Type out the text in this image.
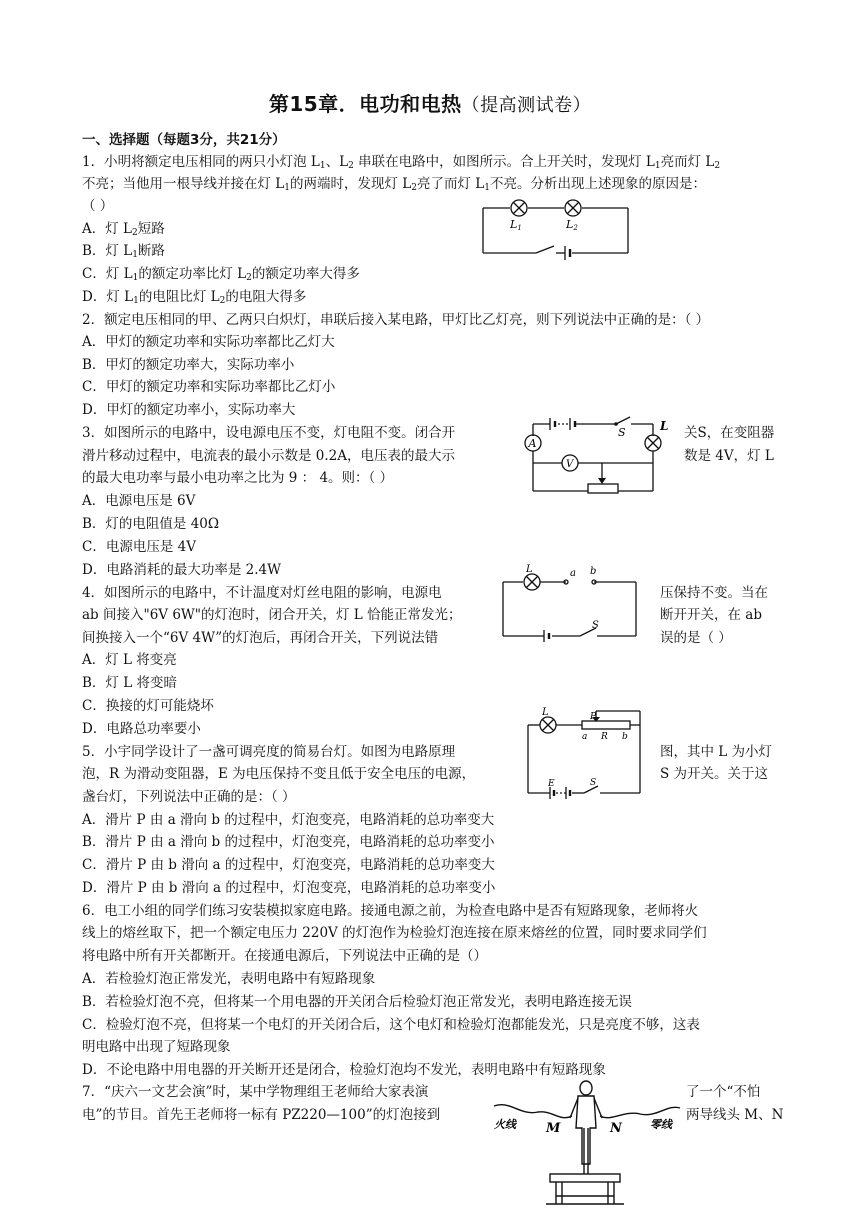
第15章．电功和电热（提高测试卷）
一、选择题（每题3分，共21分）
1．小明将额定电压相同的两只小灯泡 $L_1$、$L_2$ 串联在电路中，如图所示。合上开关时，发现灯 $L_1$亮而灯 $L_2$
不亮；当他用一根导线并接在灯 $L_1$的两端时，发现灯 $L_2$亮了而灯 $L_1$不亮。分析出现上述现象的原因是：
（ ）
A．灯 $L_2$短路
B．灯 $L_1$断路
C．灯 $L_1$的额定功率比灯 $L_2$的额定功率大得多
D．灯 $L_1$的电阻比灯 $L_2$的电阻大得多
L1	L2
2．额定电压相同的甲、乙两只白炽灯，串联后接入某电路，甲灯比乙灯亮，则下列说法中正确的是：（ ）
A．甲灯的额定功率和实际功率都比乙灯大
B．甲灯的额定功率大，实际功率小
C．甲灯的额定功率和实际功率都比乙灯小
D．甲灯的额定功率小，实际功率大
3．如图所示的电路中，设电源电压不变，灯电阻不变。闭合开	关S，在变阻器
滑片移动过程中，电流表的最小示数是 0.2A，电压表的最大示	数是 4V，灯 L
的最大电功率与最小电功率之比为 9 ： 4。则：（ ）
A．电源电压是 6V
B．灯的电阻值是 40Ω
C．电源电压是 4V
D．电路消耗的最大功率是 2.4W
A
V
S	L
4．如图所示的电路中，不计温度对灯丝电阻的影响，电源电	压保持不变。当在
ab 间接入"6V 6W"的灯泡时，闭合开关，灯 L 恰能正常发光；	断开开关，在 ab
间换接入一个“6V 4W”的灯泡后，再闭合开关，下列说法错	误的是（ ）
A．灯 L 将变亮
B．灯 L 将变暗
C．换接的灯可能烧坏
D．电路总功率要小
L	a b
S
5．小宇同学设计了一盏可调亮度的简易台灯。如图为电路原理	图，其中 L 为小灯
泡，R 为滑动变阻器，E 为电压保持不变且低于安全电压的电源，	S 为开关。关于这
盏台灯，下列说法中正确的是：（ ）
A．滑片 P 由 a 滑向 b 的过程中，灯泡变亮，电路消耗的总功率变大
B．滑片 P 由 a 滑向 b 的过程中，灯泡变亮，电路消耗的总功率变小
C．滑片 P 由 b 滑向 a 的过程中，灯泡变亮，电路消耗的总功率变大
D．滑片 P 由 b 滑向 a 的过程中，灯泡变亮，电路消耗的总功率变小
L	P
a R b
E	S
6．电工小组的同学们练习安装模拟家庭电路。接通电源之前，为检查电路中是否有短路现象，老师将火
线上的熔丝取下，把一个额定电压力 220V 的灯泡作为检验灯泡连接在原来熔丝的位置，同时要求同学们
将电路中所有开关都断开。在接通电源后，下列说法中正确的是（）
A．若检验灯泡正常发光，表明电路中有短路现象
B．若检验灯泡不亮，但将某一个用电器的开关闭合后检验灯泡正常发光，表明电路连接无误
C．检验灯泡不亮，但将某一个电灯的开关闭合后，这个电灯和检验灯泡都能发光，只是亮度不够，这表
明电路中出现了短路现象
D．不论电路中用电器的开关断开还是闭合，检验灯泡均不发光，表明电路中有短路现象
7．“庆六一文艺会演”时，某中学物理组王老师给大家表演	了一个“不怕
电”的节目。首先王老师将一标有 PZ220—100”的灯泡接到	两导线头 M、N
火线 M	N	零线
